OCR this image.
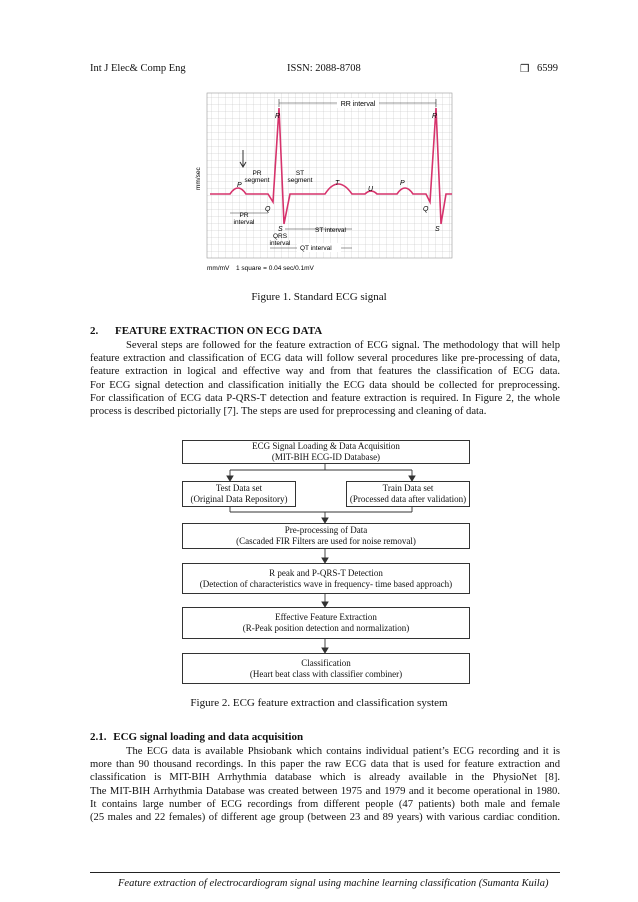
Int J Elec& Comp Eng	ISSN: 2088-8708	❒ 6599
RR interval
R	R
PR
segment
ST
segment
P	T
U
P
Q	Q
S	S
PR
interval
ST interval
QRS
interval
QT interval
mm/sec
mm/mV 1 square = 0.04 sec/0.1mV
Figure 1. Standard ECG signal
2. FEATURE EXTRACTION ON ECG DATA
Several steps are followed for the feature extraction of ECG signal. The methodology that will help
feature extraction and classification of ECG data will follow several procedures like pre-processing of data,
feature extraction in logical and effective way and from that features the classification of ECG data.
For ECG signal detection and classification initially the ECG data should be collected for preprocessing.
For classification of ECG data P-QRS-T detection and feature extraction is required. In Figure 2, the whole
process is described pictorially [7]. The steps are used for preprocessing and cleaning of data.
ECG Signal Loading & Data Acquisition
(MIT-BIH ECG-ID Database)
Test Data set
(Original Data Repository)
Train Data set
(Processed data after validation)
Pre-processing of Data
(Cascaded FIR Filters are used for noise removal)
R peak and P-QRS-T Detection
(Detection of characteristics wave in frequency- time based approach)
Effective Feature Extraction
(R-Peak position detection and normalization)
Classification
(Heart beat class with classifier combiner)
Figure 2. ECG feature extraction and classification system
2.1. ECG signal loading and data acquisition
The ECG data is available Phsiobank which contains individual patient’s ECG recording and it is
more than 90 thousand recordings. In this paper the raw ECG data that is used for feature extraction and
classification is MIT-BIH Arrhythmia database which is already available in the PhysioNet [8].
The MIT-BIH Arrhythmia Database was created between 1975 and 1979 and it become operational in 1980.
It contains large number of ECG recordings from different people (47 patients) both male and female
(25 males and 22 females) of different age group (between 23 and 89 years) with various cardiac condition.
Feature extraction of electrocardiogram signal using machine learning classification (Sumanta Kuila)
